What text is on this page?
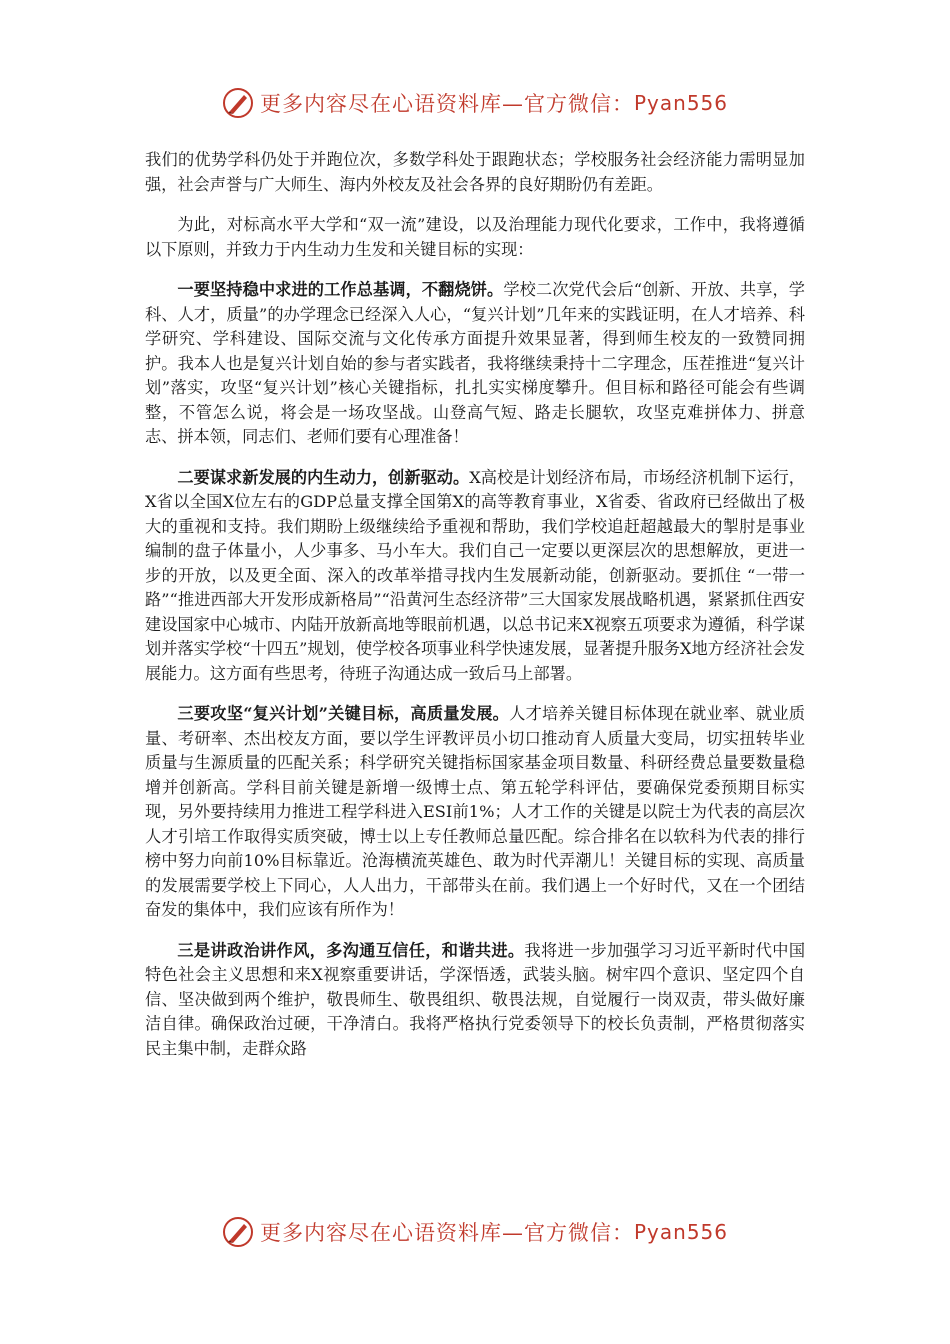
更多内容尽在心语资料库—官方微信： Pyan556

我们的优势学科仍处于并跑位次，多数学科处于跟跑状态；学校服务社会经济能力需明显加强，社会声誉与广大师生、海内外校友及社会各界的良好期盼仍有差距。

为此，对标高水平大学和“双一流”建设，以及治理能力现代化要求，工作中，我将遵循以下原则，并致力于内生动力生发和关键目标的实现：

一要坚持稳中求进的工作总基调，不翻烧饼。学校二次党代会后“创新、开放、共享，学科、人才，质量”的办学理念已经深入人心，“复兴计划”几年来的实践证明，在人才培养、科学研究、学科建设、国际交流与文化传承方面提升效果显著，得到师生校友的一致赞同拥护。我本人也是复兴计划自始的参与者实践者，我将继续秉持十二字理念，压茬推进“复兴计划”落实，攻坚“复兴计划”核心关键指标，扎扎实实梯度攀升。但目标和路径可能会有些调整，不管怎么说，将会是一场攻坚战。山登高气短、路走长腿软，攻坚克难拼体力、拼意志、拼本领，同志们、老师们要有心理准备！

二要谋求新发展的内生动力，创新驱动。X高校是计划经济布局，市场经济机制下运行，X省以全国X位左右的GDP总量支撑全国第X的高等教育事业，X省委、省政府已经做出了极大的重视和支持。我们期盼上级继续给予重视和帮助，我们学校追赶超越最大的掣肘是事业编制的盘子体量小，人少事多、马小车大。我们自己一定要以更深层次的思想解放，更进一步的开放，以及更全面、深入的改革举措寻找内生发展新动能，创新驱动。要抓住 “一带一路”“推进西部大开发形成新格局”“沿黄河生态经济带”三大国家发展战略机遇，紧紧抓住西安建设国家中心城市、内陆开放新高地等眼前机遇，以总书记来X视察五项要求为遵循，科学谋划并落实学校“十四五”规划，使学校各项事业科学快速发展，显著提升服务X地方经济社会发展能力。这方面有些思考，待班子沟通达成一致后马上部署。

三要攻坚“复兴计划”关键目标，高质量发展。人才培养关键目标体现在就业率、就业质量、考研率、杰出校友方面，要以学生评教评员小切口推动育人质量大变局，切实扭转毕业质量与生源质量的匹配关系；科学研究关键指标国家基金项目数量、科研经费总量要数量稳增并创新高。学科目前关键是新增一级博士点、第五轮学科评估，要确保党委预期目标实现，另外要持续用力推进工程学科进入ESI前1%；人才工作的关键是以院士为代表的高层次人才引培工作取得实质突破，博士以上专任教师总量匹配。综合排名在以软科为代表的排行榜中努力向前10%目标靠近。沧海横流英雄色、敢为时代弄潮儿！关键目标的实现、高质量的发展需要学校上下同心，人人出力，干部带头在前。我们遇上一个好时代，又在一个团结奋发的集体中，我们应该有所作为！

三是讲政治讲作风，多沟通互信任，和谐共进。我将进一步加强学习习近平新时代中国特色社会主义思想和来X视察重要讲话，学深悟透，武装头脑。树牢四个意识、坚定四个自信、坚决做到两个维护，敬畏师生、敬畏组织、敬畏法规，自觉履行一岗双责，带头做好廉洁自律。确保政治过硬，干净清白。我将严格执行党委领导下的校长负责制，严格贯彻落实民主集中制，走群众路

更多内容尽在心语资料库—官方微信： Pyan556
